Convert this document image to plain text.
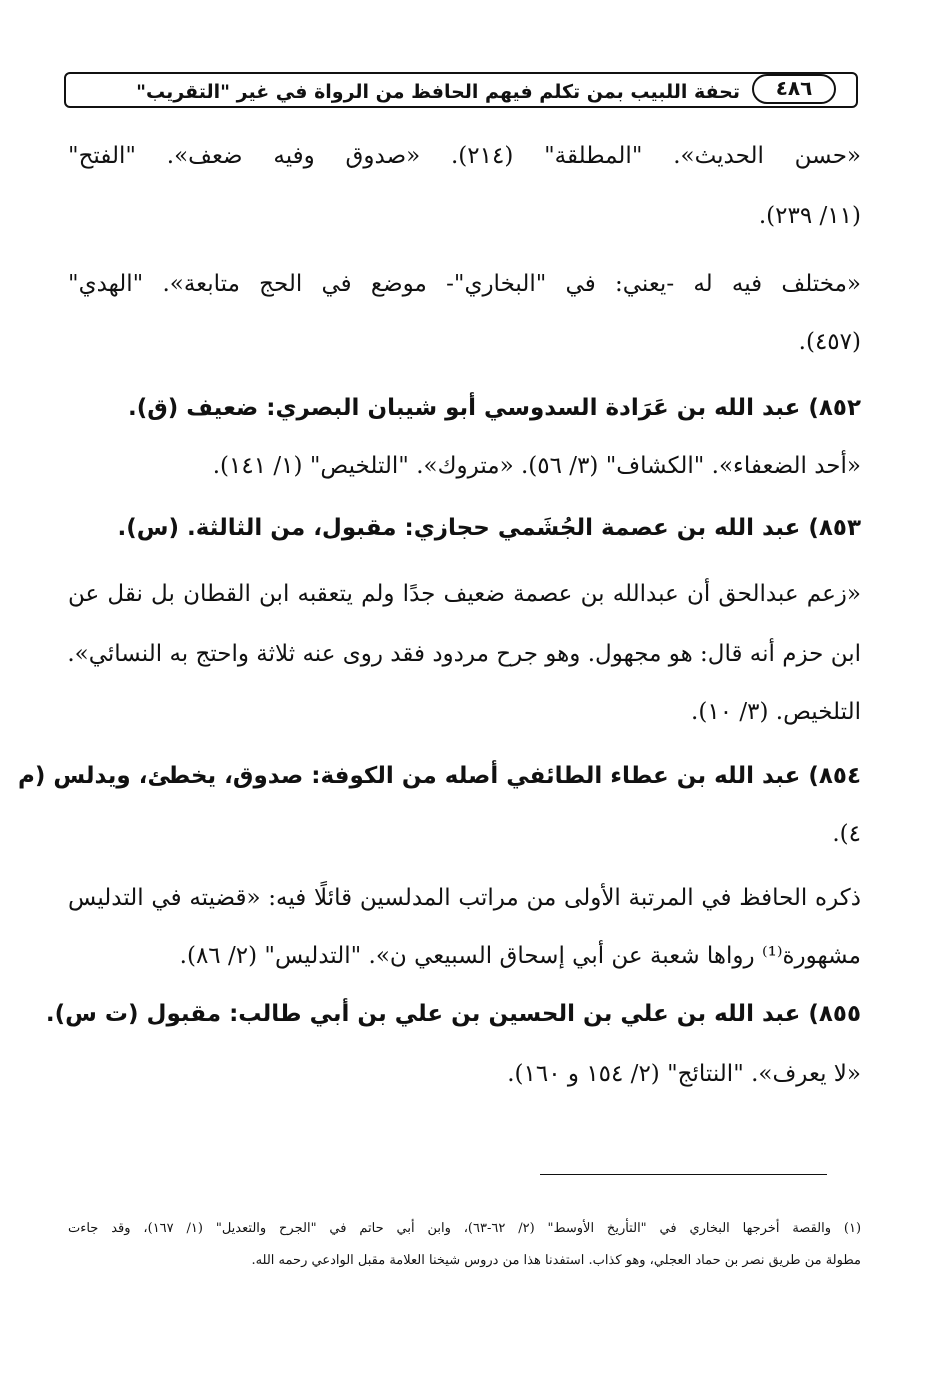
تحفة اللبيب بمن تكلم فيهم الحافظ من الرواة في غير "التقريب"	٤٨٦
«حسن الحديث». "المطلقة" (٢١٤). «صدوق وفيه ضعف». "الفتح"
(١١/ ٢٣٩).
«مختلف فيه له -يعني: في "البخاري"- موضع في الحج متابعة». "الهدي"
(٤٥٧).
٨٥٢) عبد الله بن عَرَادة السدوسي أبو شيبان البصري: ضعيف (ق).
«أحد الضعفاء». "الكشاف" (٣/ ٥٦). «متروك». "التلخيص" (١/ ١٤١).
٨٥٣) عبد الله بن عصمة الجُشَمي حجازي: مقبول، من الثالثة. (س).
«زعم عبدالحق أن عبدالله بن عصمة ضعيف جدًا ولم يتعقبه ابن القطان بل نقل عن
ابن حزم أنه قال: هو مجهول. وهو جرح مردود فقد روى عنه ثلاثة واحتج به النسائي».
التلخيص. (٣/ ١٠).
٨٥٤) عبد الله بن عطاء الطائفي أصله من الكوفة: صدوق، يخطئ، ويدلس (م
٤).
ذكره الحافظ في المرتبة الأولى من مراتب المدلسين قائلًا فيه: «قضيته في التدليس
مشهورة⁽¹⁾ رواها شعبة عن أبي إسحاق السبيعي ن». "التدليس" (٢/ ٨٦).
٨٥٥) عبد الله بن علي بن الحسين بن علي بن أبي طالب: مقبول (ت س).
«لا يعرف». "النتائج" (٢/ ١٥٤ و ١٦٠).
(١) والقصة أخرجها البخاري في "التأريخ الأوسط" (٢/ ٦٢-٦٣)، وابن أبي حاتم في "الجرح والتعديل" (١/ ١٦٧)، وقد جاءت
مطولة من طريق نصر بن حماد العجلي، وهو كذاب. استفدنا هذا من دروس شيخنا العلامة مقبل الوادعي رحمه الله.
